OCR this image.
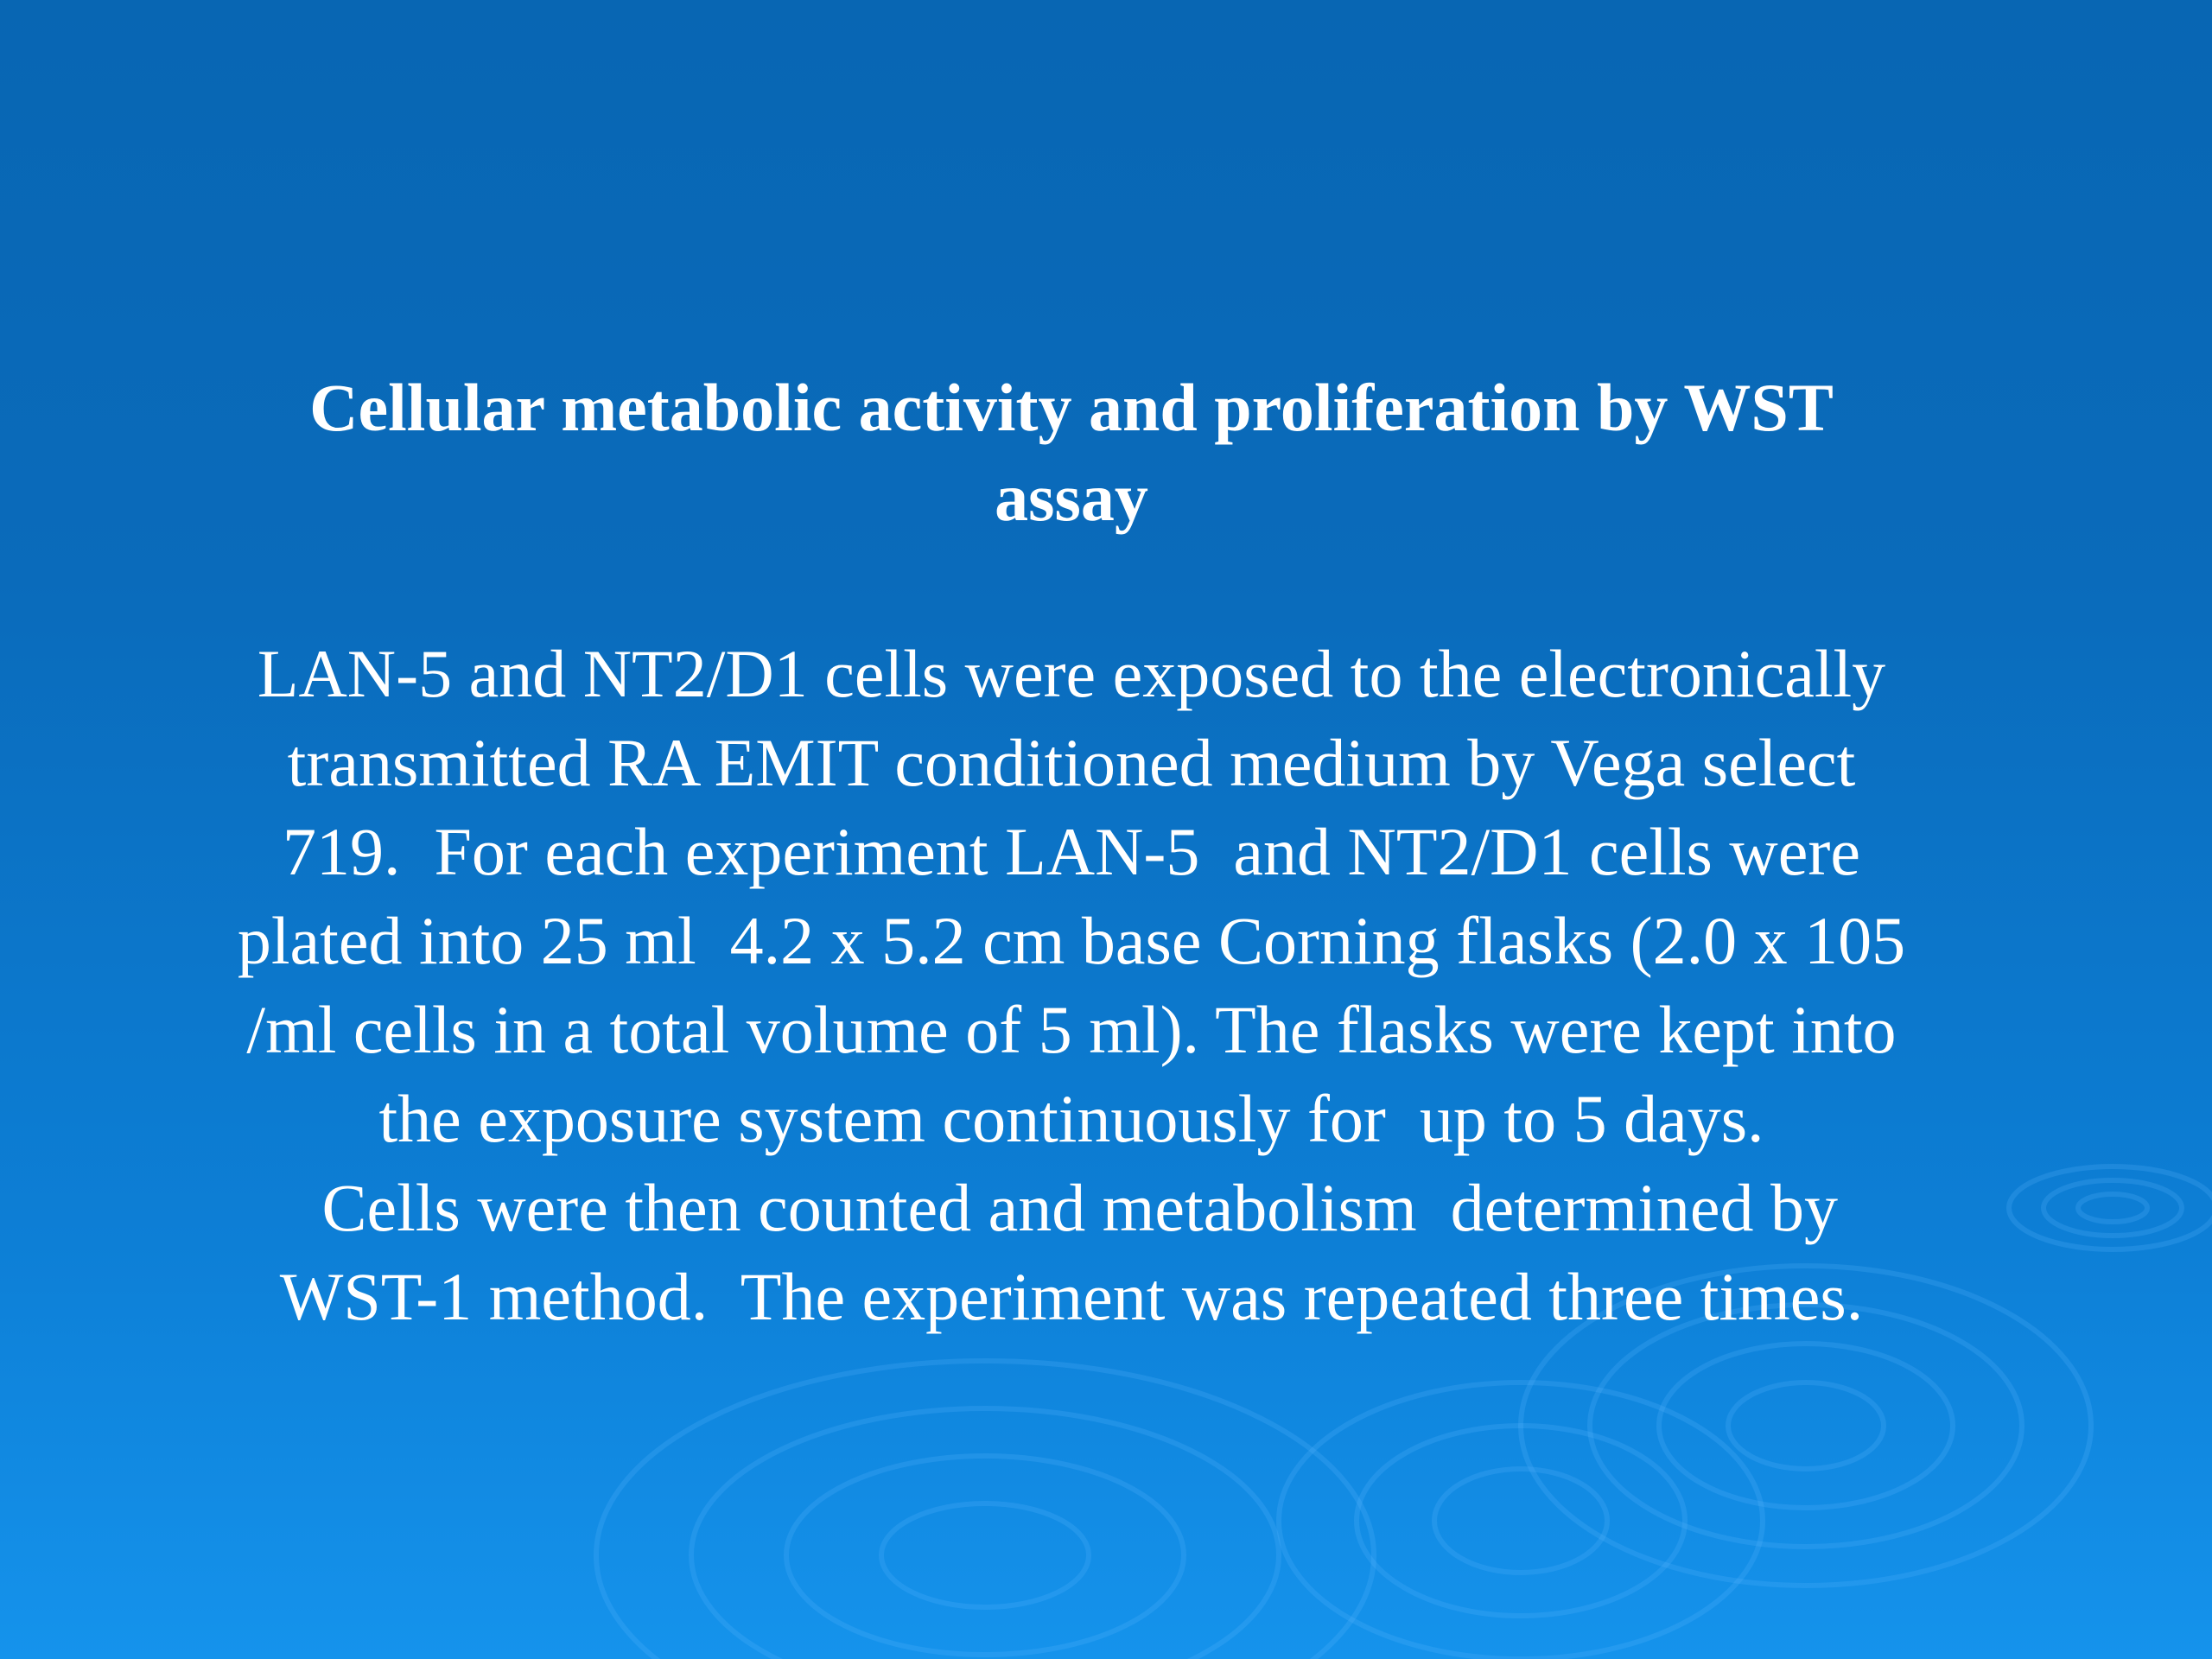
Cellular metabolic activity and proliferation by WST
assay
LAN-5 and NT2/D1 cells were exposed to the electronically
transmitted RA EMIT conditioned medium by Vega select
719.  For each experiment LAN-5  and NT2/D1 cells were
plated into 25 ml  4.2 x 5.2 cm base Corning flasks (2.0 x 105
/ml cells in a total volume of 5 ml). The flasks were kept into
the exposure system continuously for  up to 5 days.
Cells were then counted and metabolism  determined by
WST-1 method.  The experiment was repeated three times.
